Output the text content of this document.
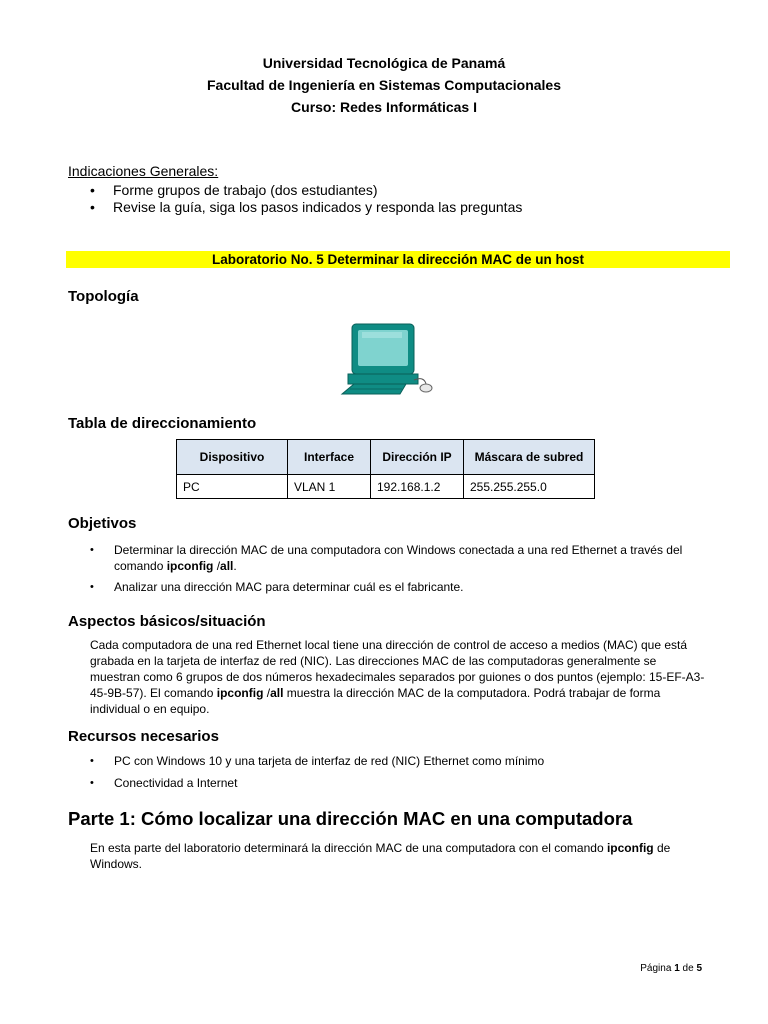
Universidad Tecnológica de Panamá
Facultad de Ingeniería en Sistemas Computacionales
Curso: Redes Informáticas I
Indicaciones Generales:
• Forme grupos de trabajo (dos estudiantes)
• Revise la guía, siga los pasos indicados y responda las preguntas
Laboratorio No. 5 Determinar la dirección MAC de un host
Topología
Tabla de direccionamiento
Dispositivo	Interface	Dirección IP	Máscara de subred
PC	VLAN 1	192.168.1.2	255.255.255.0
Objetivos
• Determinar la dirección MAC de una computadora con Windows conectada a una red Ethernet a través del comando ipconfig /all.
• Analizar una dirección MAC para determinar cuál es el fabricante.
Aspectos básicos/situación
Cada computadora de una red Ethernet local tiene una dirección de control de acceso a medios (MAC) que está grabada en la tarjeta de interfaz de red (NIC). Las direcciones MAC de las computadoras generalmente se muestran como 6 grupos de dos números hexadecimales separados por guiones o dos puntos (ejemplo: 15-EF-A3-45-9B-57). El comando ipconfig /all muestra la dirección MAC de la computadora. Podrá trabajar de forma individual o en equipo.
Recursos necesarios
• PC con Windows 10 y una tarjeta de interfaz de red (NIC) Ethernet como mínimo
• Conectividad a Internet
Parte 1: Cómo localizar una dirección MAC en una computadora
En esta parte del laboratorio determinará la dirección MAC de una computadora con el comando ipconfig de Windows.
Página 1 de 5
